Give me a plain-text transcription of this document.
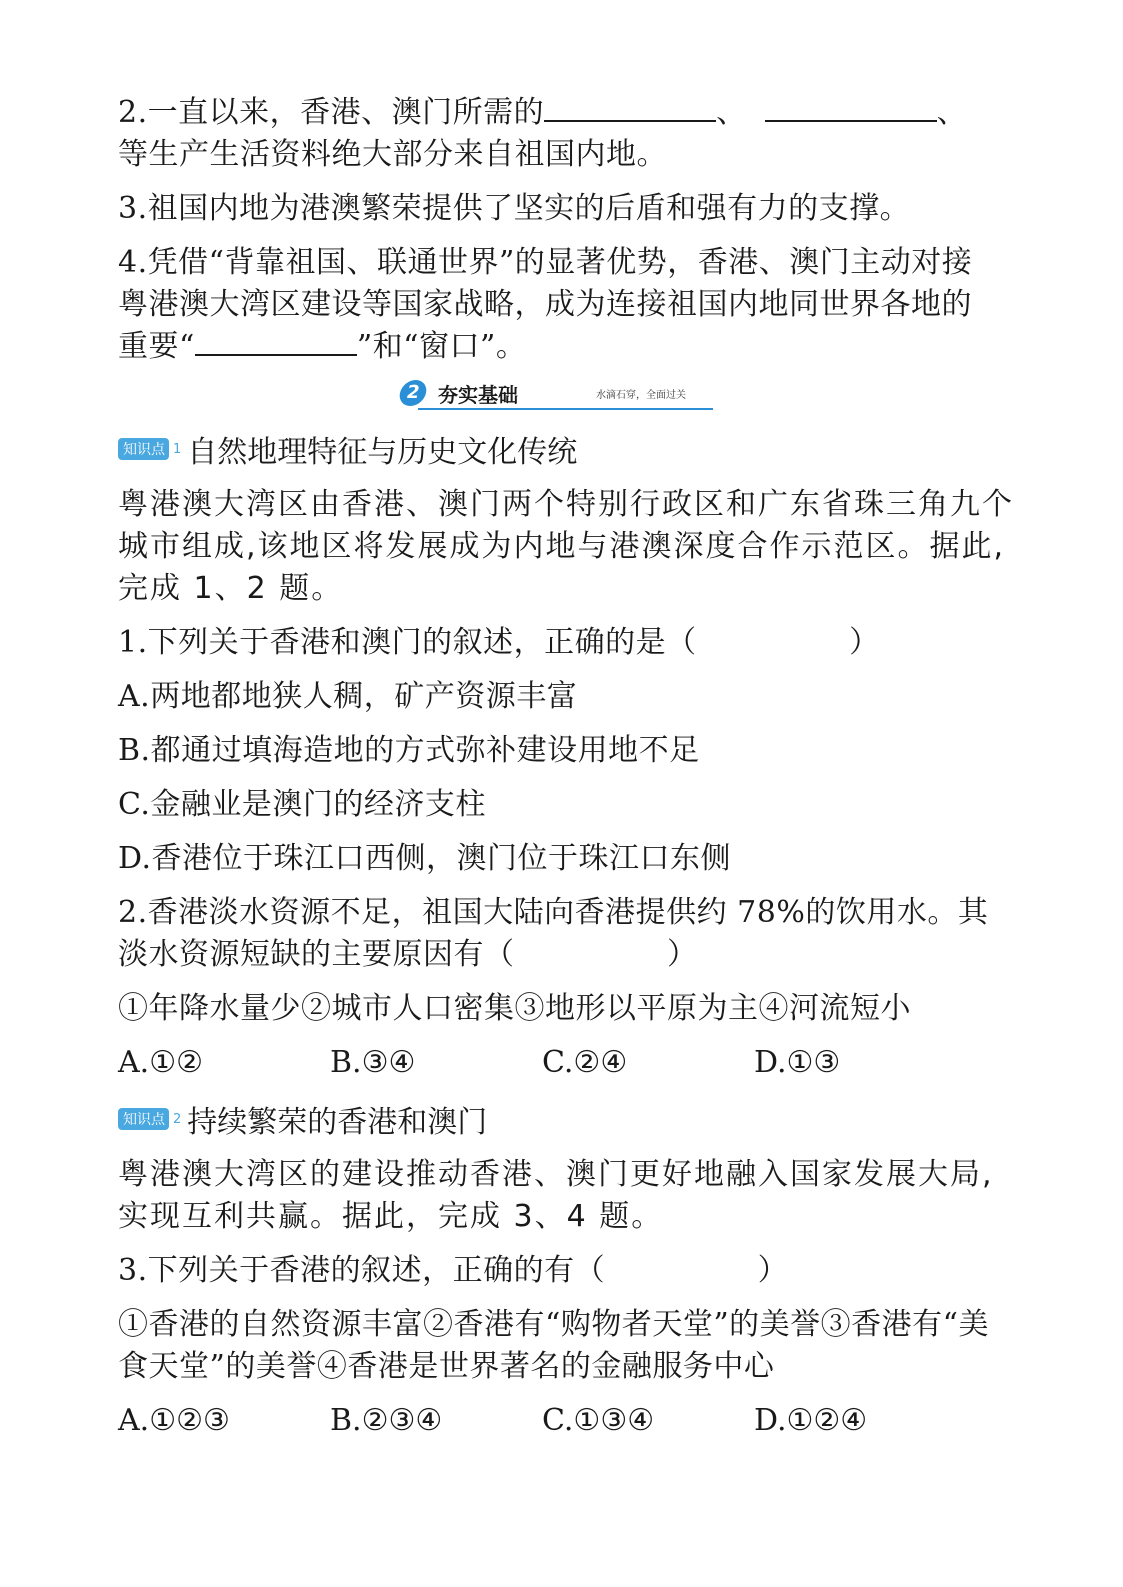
2.一直以来，香港、澳门所需的	、	、
等生产生活资料绝大部分来自祖国内地。
3.祖国内地为港澳繁荣提供了坚实的后盾和强有力的支撑。
4.凭借“背靠祖国、联通世界”的显著优势，香港、澳门主动对接
粤港澳大湾区建设等国家战略，成为连接祖国内地同世界各地的
重要“	”和“窗口”。
2 夯实基础	水滴石穿，全面过关
知识点 1 自然地理特征与历史文化传统
粤港澳大湾区由香港、澳门两个特别行政区和广东省珠三角九个
城市组成,该地区将发展成为内地与港澳深度合作示范区。据此,
完成 1、2 题。
1.下列关于香港和澳门的叙述，正确的是（　　　　　）
A.两地都地狭人稠，矿产资源丰富
B.都通过填海造地的方式弥补建设用地不足
C.金融业是澳门的经济支柱
D.香港位于珠江口西侧，澳门位于珠江口东侧
2.香港淡水资源不足，祖国大陆向香港提供约 78%的饮用水。其
淡水资源短缺的主要原因有（　　　　　）
①年降水量少②城市人口密集③地形以平原为主④河流短小
A.①②	B.③④	C.②④	D.①③
知识点 2 持续繁荣的香港和澳门
粤港澳大湾区的建设推动香港、澳门更好地融入国家发展大局,
实现互利共赢。据此，完成 3、4 题。
3.下列关于香港的叙述，正确的有（　　　　　）
①香港的自然资源丰富②香港有“购物者天堂”的美誉③香港有“美
食天堂”的美誉④香港是世界著名的金融服务中心
A.①②③	B.②③④	C.①③④	D.①②④
